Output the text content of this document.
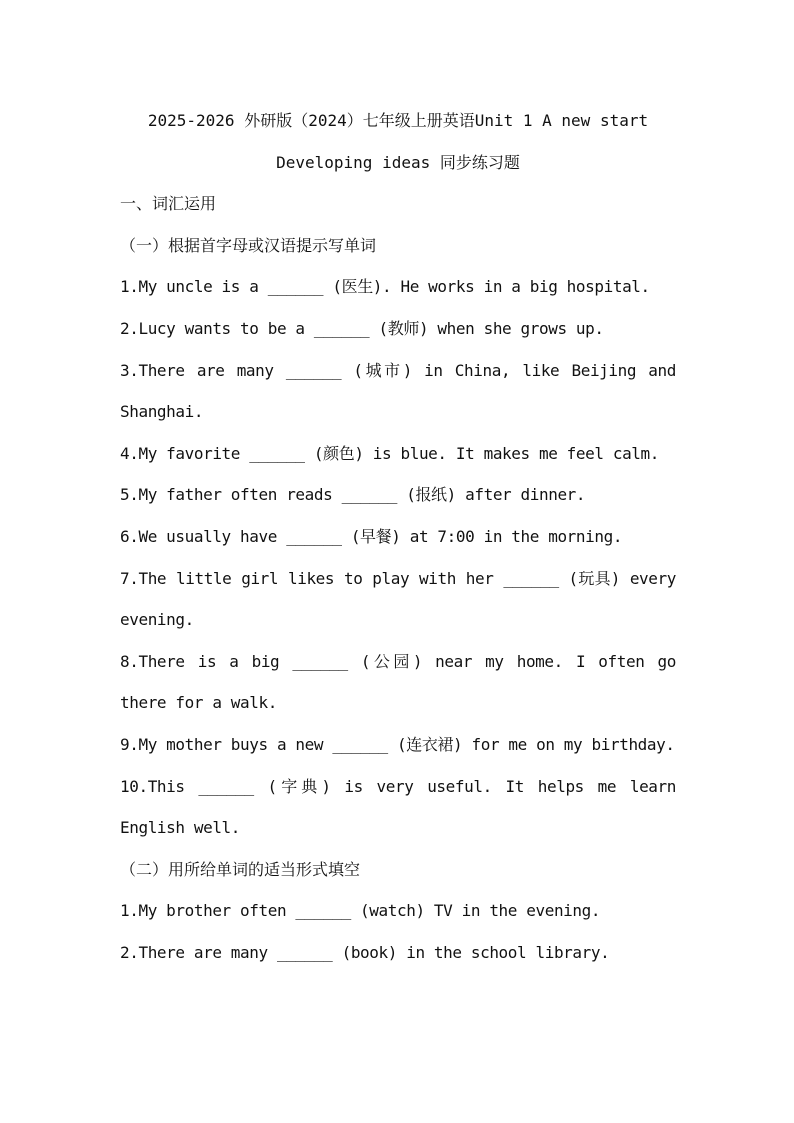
2025-2026 外研版（2024）七年级上册英语Unit 1 A new start

Developing ideas 同步练习题

一、词汇运用

（一）根据首字母或汉语提示写单词

1.My uncle is a ______ (医生). He works in a big hospital.

2.Lucy wants to be a ______ (教师) when she grows up.

3.There are many ______ (城市) in China, like Beijing and Shanghai.

4.My favorite ______ (颜色) is blue. It makes me feel calm.

5.My father often reads ______ (报纸) after dinner.

6.We usually have ______ (早餐) at 7:00 in the morning.

7.The little girl likes to play with her ______ (玩具) every evening.

8.There is a big ______ (公园) near my home. I often go there for a walk.

9.My mother buys a new ______ (连衣裙) for me on my birthday.

10.This ______ (字典) is very useful. It helps me learn English well.

（二）用所给单词的适当形式填空

1.My brother often ______ (watch) TV in the evening.

2.There are many ______ (book) in the school library.
